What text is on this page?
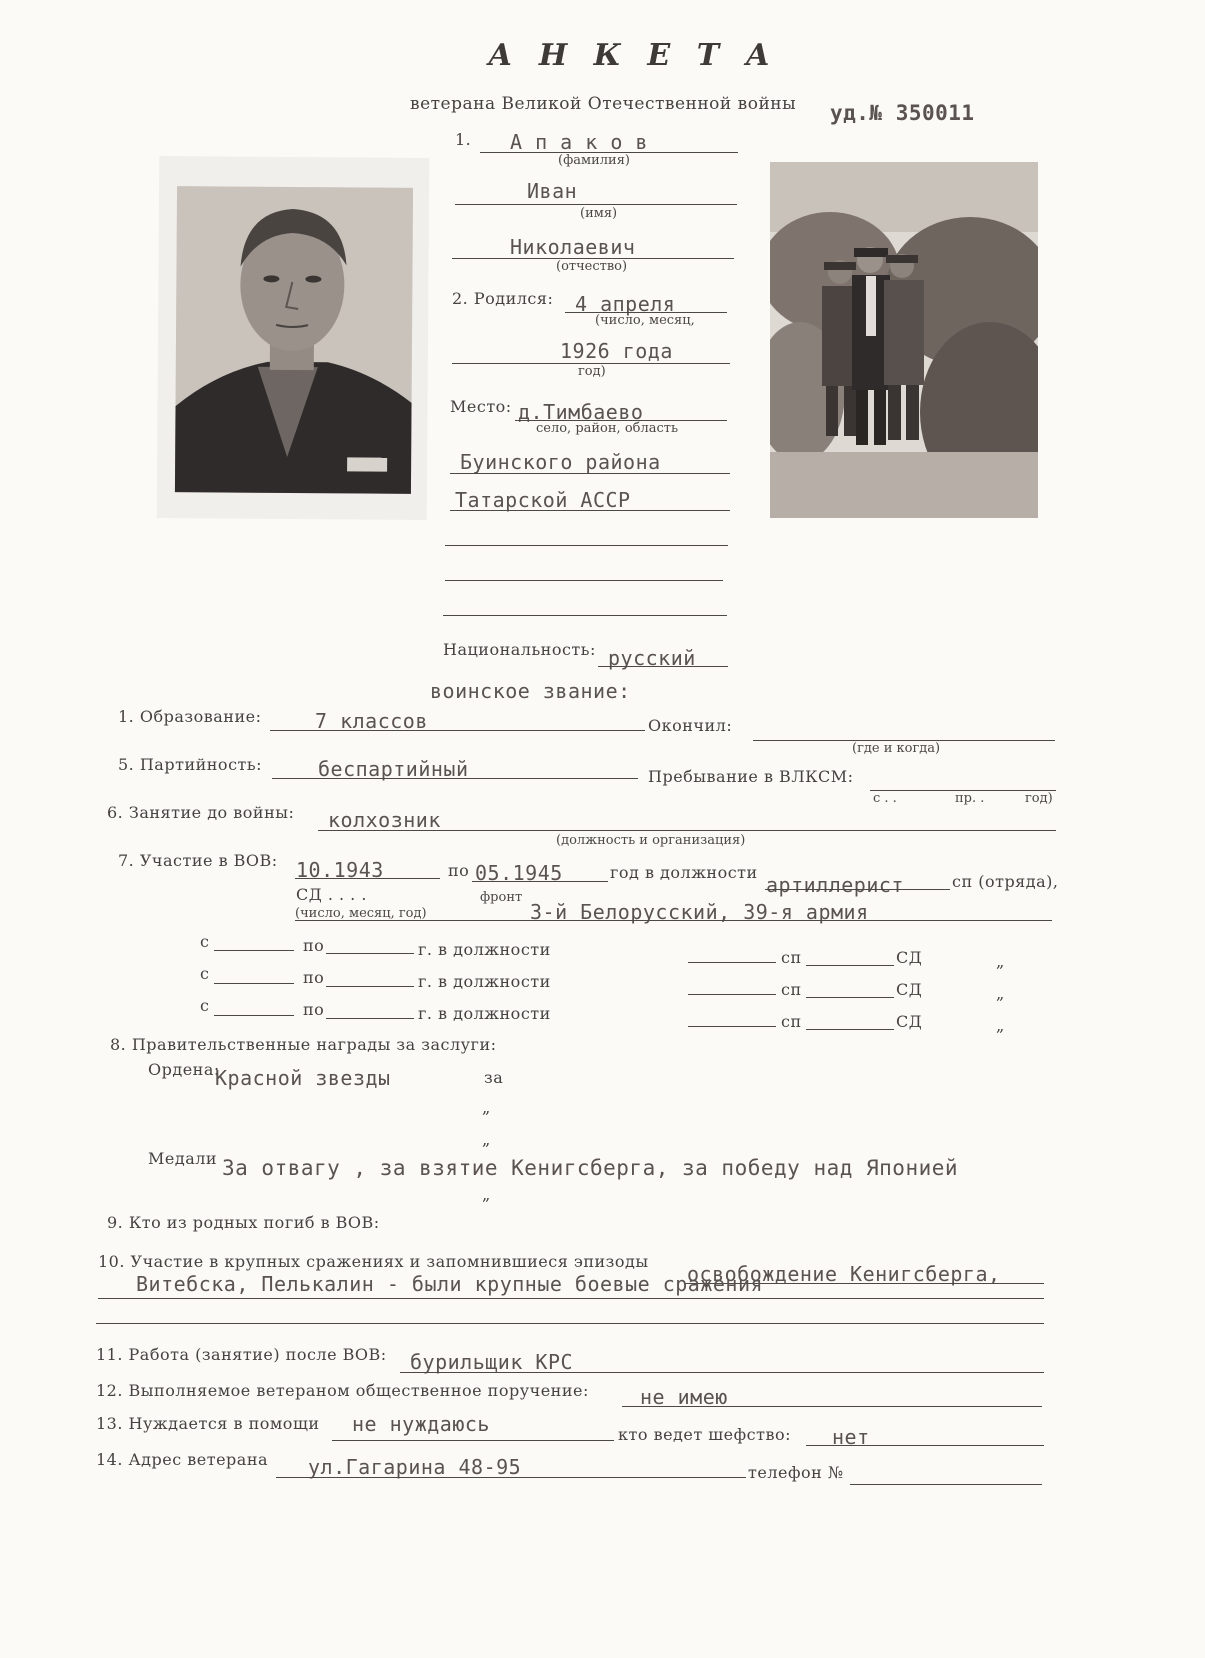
А Н К Е Т А
ветерана Великой Отечественной войны уд.№ 350011
1. А п а к о в
(фамилия)
Иван
(имя)
Николаевич
(отчество)
2. Родился: 4 апреля
(число, месяц,
1926 года
год)
Место: д.Тимбаево
село, район, область
Буинского района
Татарской АССР
Национальность: русский
воинское звание:
1. Образование:	7 классов	Окончил:
(где и когда)
5. Партийность:	беспартийный	Пребывание в ВЛКСМ:
с . .	пр. .	год)
6. Занятие до войны: колхозник
(должность и организация)
7. Участие в ВОВ: 10.1943	по 05.1945	год в должности
артиллерист	сп (отряда),
СД . . . .	фронт
3-й Белорусский, 39-я армия
(число, месяц, год)
с	по	г. в должности	сп	СД	„
с	по	г. в должности	сп	СД	„
с	по	г. в должности	сп	СД	„
8. Правительственные награды за заслуги:
Ордена:
Красной звезды	за
„
„
Медали За отвагу , за взятие Кенигсберга, за победу над Японией
„
9. Кто из родных погиб в ВОВ:
10. Участие в крупных сражениях и запомнившиеся эпизоды
освобождение Кенигсберга,
Витебска, Пелькалин - были крупные боевые сражения
11. Работа (занятие) после ВОВ: бурильщик КРС
12. Выполняемое ветераном общественное поручение:	не имею
13. Нуждается в помощи не нуждаюсь	кто ведет шефство: нет
14. Адрес ветерана ул.Гагарина 48-95	телефон №
